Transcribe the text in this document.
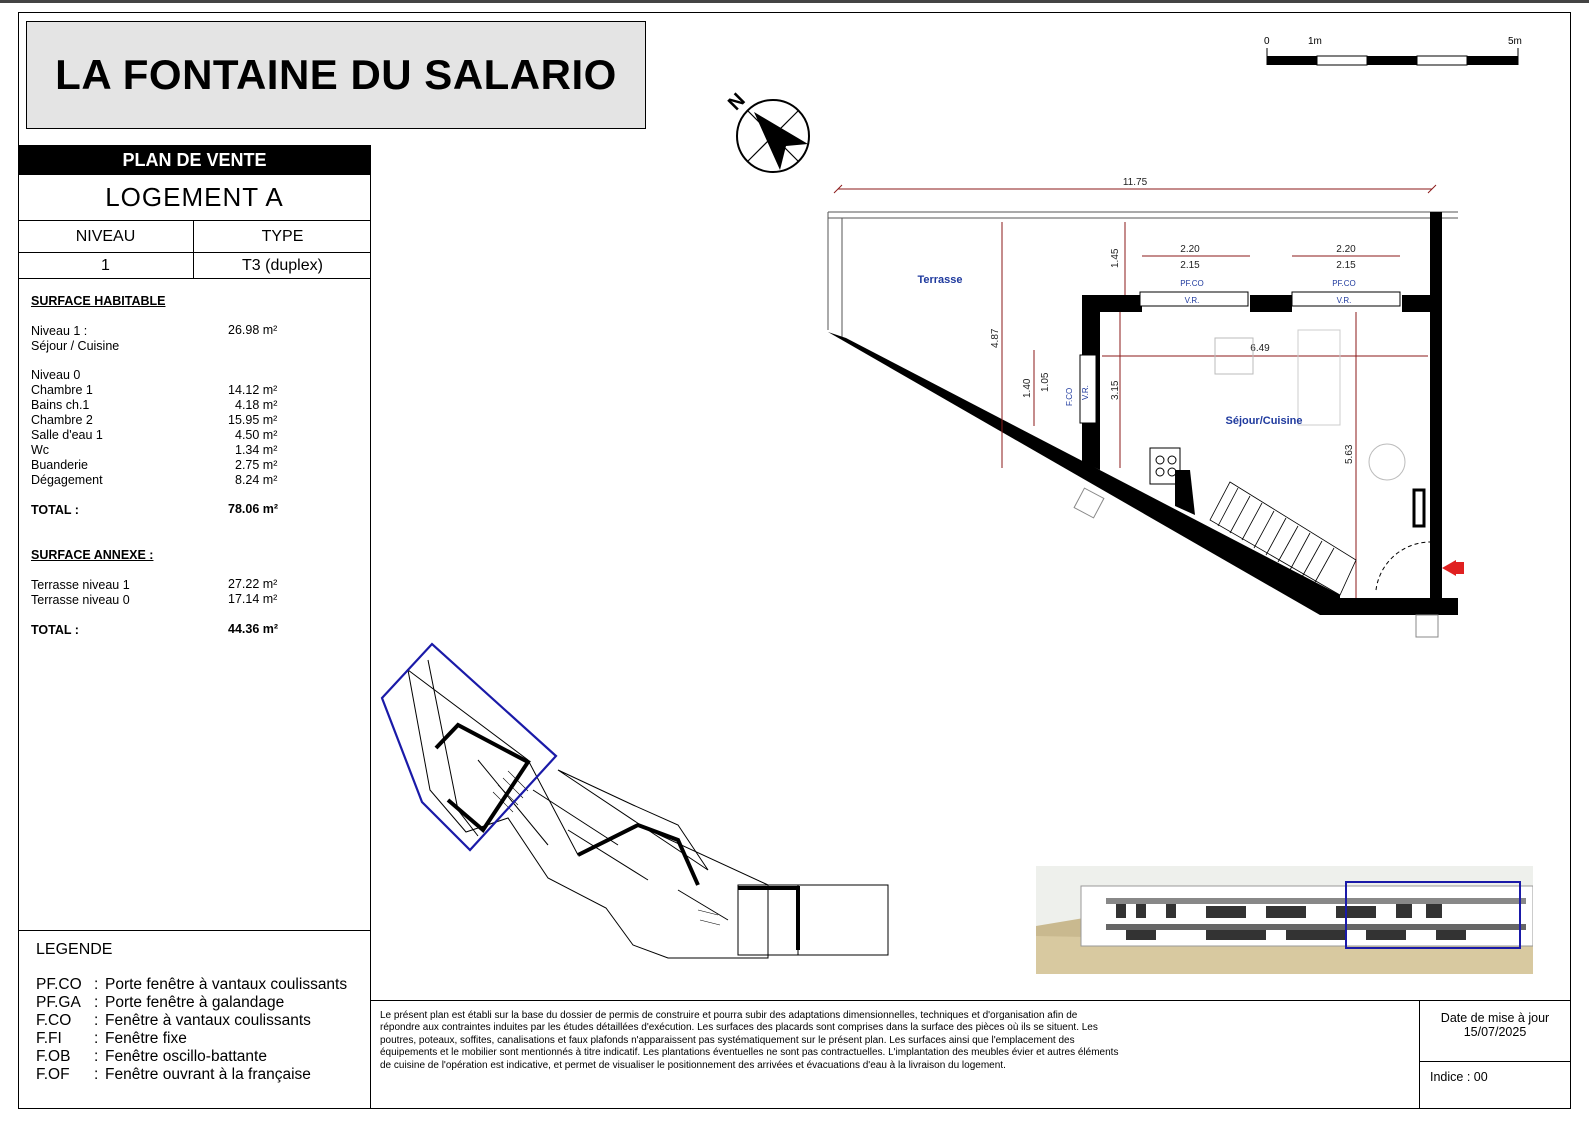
LA FONTAINE DU SALARIO
0	1m	5m
N
PLAN DE VENTE
LOGEMENT A
NIVEAU	TYPE
1	T3 (duplex)
SURFACE HABITABLE
Niveau 1 :	26.98 m²
Séjour / Cuisine
Niveau 0
Chambre 1	14.12 m²
Bains ch.1	4.18 m²
Chambre 2	15.95 m²
Salle d'eau 1	4.50 m²
Wc	1.34 m²
Buanderie	2.75 m²
Dégagement	8.24 m²
TOTAL :	78.06 m²
SURFACE ANNEXE :
Terrasse niveau 1	27.22 m²
Terrasse niveau 0	17.14 m²
TOTAL :	44.36 m²
LEGENDE
PF.CO : Porte fenêtre à vantaux coulissants
PF.GA : Porte fenêtre à galandage
F.CO : Fenêtre à vantaux coulissants
F.FI : Fenêtre fixe
F.OB : Fenêtre oscillo-battante
F.OF : Fenêtre ouvrant à la française
11.75
Terrasse	PF.CO	PF.CO
V.R.	V.R.
2.20
2.15
2.20
2.15
1.45
4.87
1.40 1.05
F.CO V.R. 3.15
6.49
5.63
Séjour/Cuisine
Le présent plan est établi sur la base du dossier de permis de construire et pourra subir des adaptations dimensionnelles, techniques et d'organisation afin de répondre aux contraintes induites par les études détaillées d'exécution. Les surfaces des placards sont comprises dans la surface des pièces où ils se situent. Les poutres, poteaux, soffites, canalisations et faux plafonds n'apparaissent pas systématiquement sur le présent plan. Les surfaces ainsi que l'emplacement des équipements et le mobilier sont mentionnés à titre indicatif. Les plantations éventuelles ne sont pas contractuelles. L'implantation des meubles évier et autres éléments de cuisine de l'opération est indicative, et permet de visualiser le positionnement des arrivées et évacuations d'eau à la livraison du logement.
Date de mise à jour
15/07/2025
Indice : 00
